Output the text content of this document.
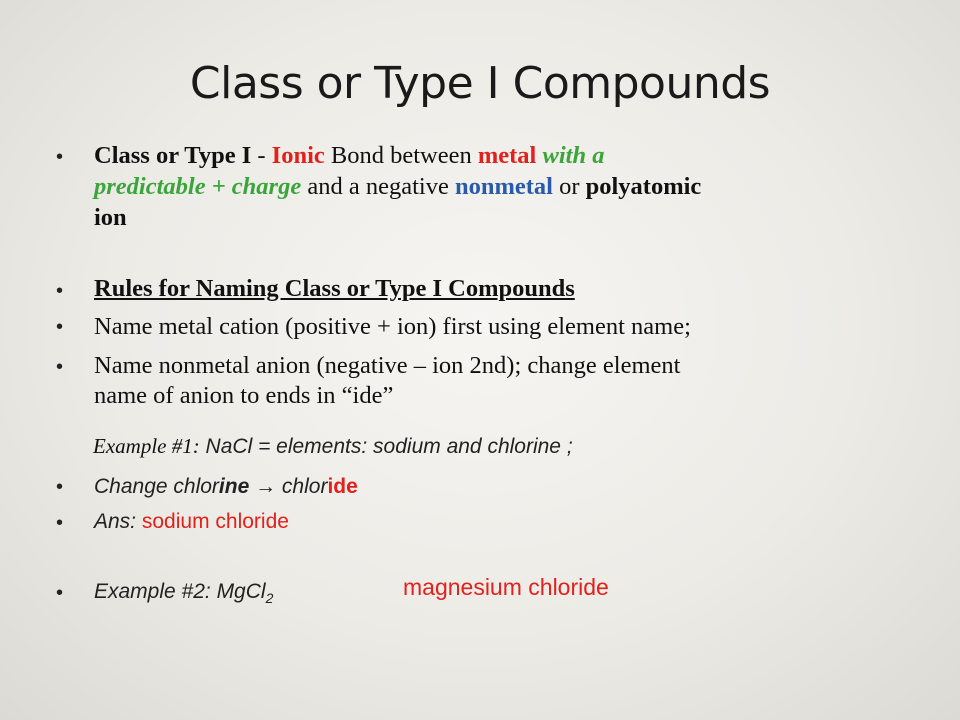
Class or Type I Compounds
• Class or Type I - Ionic Bond between metal with a
predictable + charge and a negative nonmetal or polyatomic
ion
• Rules for Naming Class or Type I Compounds
• Name metal cation (positive + ion) first using element name;
• Name nonmetal anion (negative – ion 2nd); change element
name of anion to ends in “ide”
Example #1: NaCl = elements: sodium and chlorine ;
• Change chlorine → chloride
• Ans: sodium chloride
• Example #2: MgCl$_2$	magnesium chloride
